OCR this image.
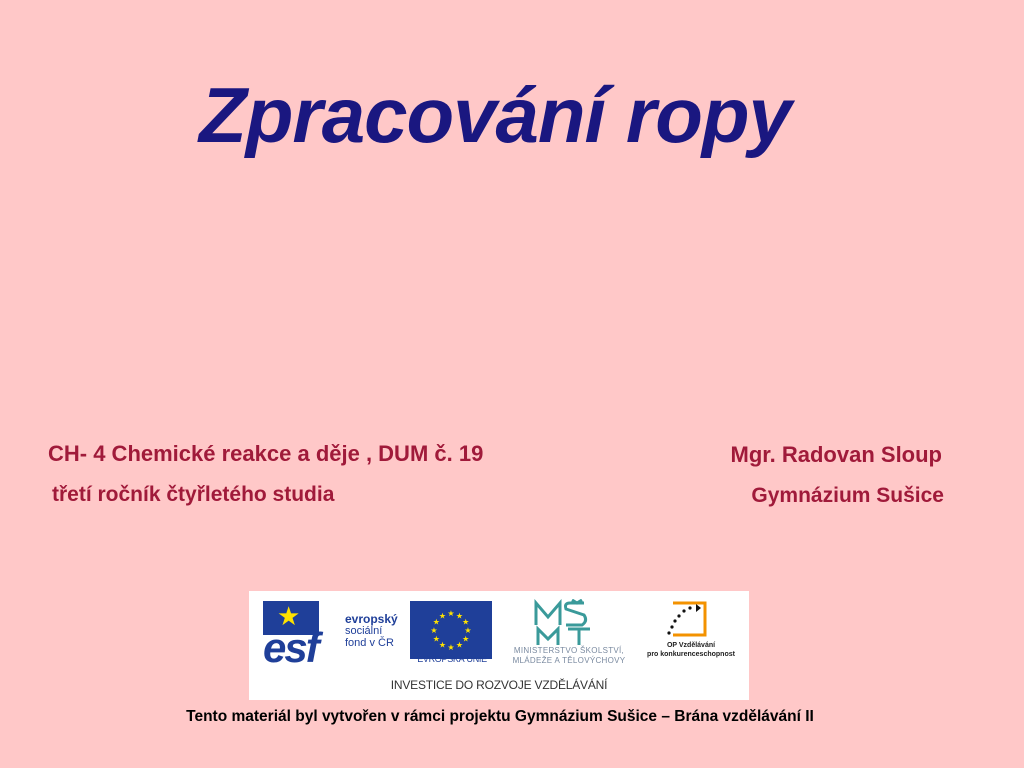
Zpracování ropy
CH- 4 Chemické reakce a děje , DUM č. 19
třetí ročník čtyřletého studia
Mgr. Radovan Sloup
Gymnázium Sušice
★
esf
evropský
sociální
fond v ČR
★ ★
★
★
★
★
★
★
★
★
★
★
EVROPSKÁ UNIE
MINISTERSTVO ŠKOLSTVÍ,
MLÁDEŽE A TĚLOVÝCHOVY
OP Vzdělávání
pro konkurenceschopnost
INVESTICE DO ROZVOJE VZDĚLÁVÁNÍ
Tento materiál byl vytvořen v rámci projektu Gymnázium Sušice – Brána vzdělávání II
